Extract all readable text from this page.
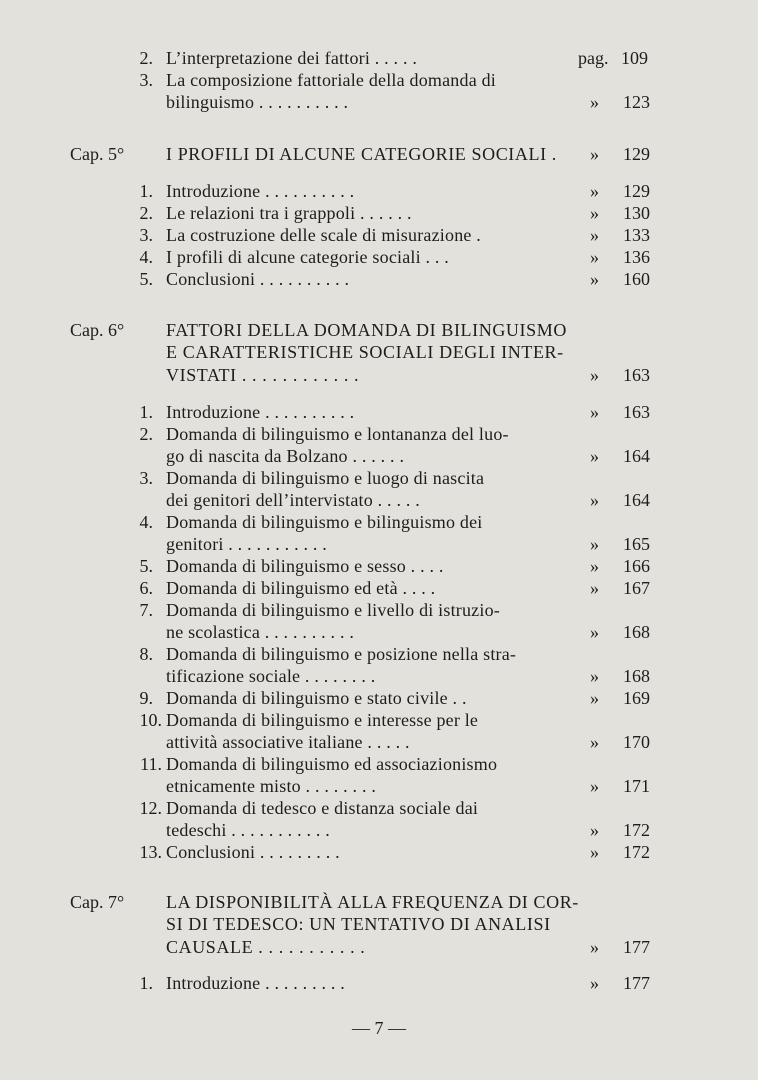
2. L’interpretazione dei fattori . . . . .	pag. 109
3. La composizione fattoriale della domanda di
bilinguismo . . . . . . . . . .	»	123
Cap. 5° I PROFILI DI ALCUNE CATEGORIE SOCIALI .	»	129
1. Introduzione . . . . . . . . . .	»	129
2. Le relazioni tra i grappoli . . . . . .	»	130
3. La costruzione delle scale di misurazione .	»	133
4. I profili di alcune categorie sociali . . .	»	136
5. Conclusioni . . . . . . . . . .	»	160
Cap. 6° FATTORI DELLA DOMANDA DI BILINGUISMO
E CARATTERISTICHE SOCIALI DEGLI INTER-
VISTATI . . . . . . . . . . . .	»	163
1. Introduzione . . . . . . . . . .	»	163
2. Domanda di bilinguismo e lontananza del luo-
go di nascita da Bolzano . . . . . .	»	164
3. Domanda di bilinguismo e luogo di nascita
dei genitori dell’intervistato . . . . .	»	164
4. Domanda di bilinguismo e bilinguismo dei
genitori . . . . . . . . . . .	»	165
5. Domanda di bilinguismo e sesso . . . .	»	166
6. Domanda di bilinguismo ed età . . . .	»	167
7. Domanda di bilinguismo e livello di istruzio-
ne scolastica . . . . . . . . . .	»	168
8. Domanda di bilinguismo e posizione nella stra-
tificazione sociale . . . . . . . .	»	168
9. Domanda di bilinguismo e stato civile . .	»	169
10. Domanda di bilinguismo e interesse per le
attività associative italiane . . . . .	»	170
11. Domanda di bilinguismo ed associazionismo
etnicamente misto . . . . . . . .	»	171
12. Domanda di tedesco e distanza sociale dai
tedeschi . . . . . . . . . . .	»	172
13. Conclusioni . . . . . . . . .	»	172
Cap. 7° LA DISPONIBILITÀ ALLA FREQUENZA DI COR-
SI DI TEDESCO: UN TENTATIVO DI ANALISI
CAUSALE . . . . . . . . . . .	»	177
1. Introduzione . . . . . . . . .	»	177
— 7 —
